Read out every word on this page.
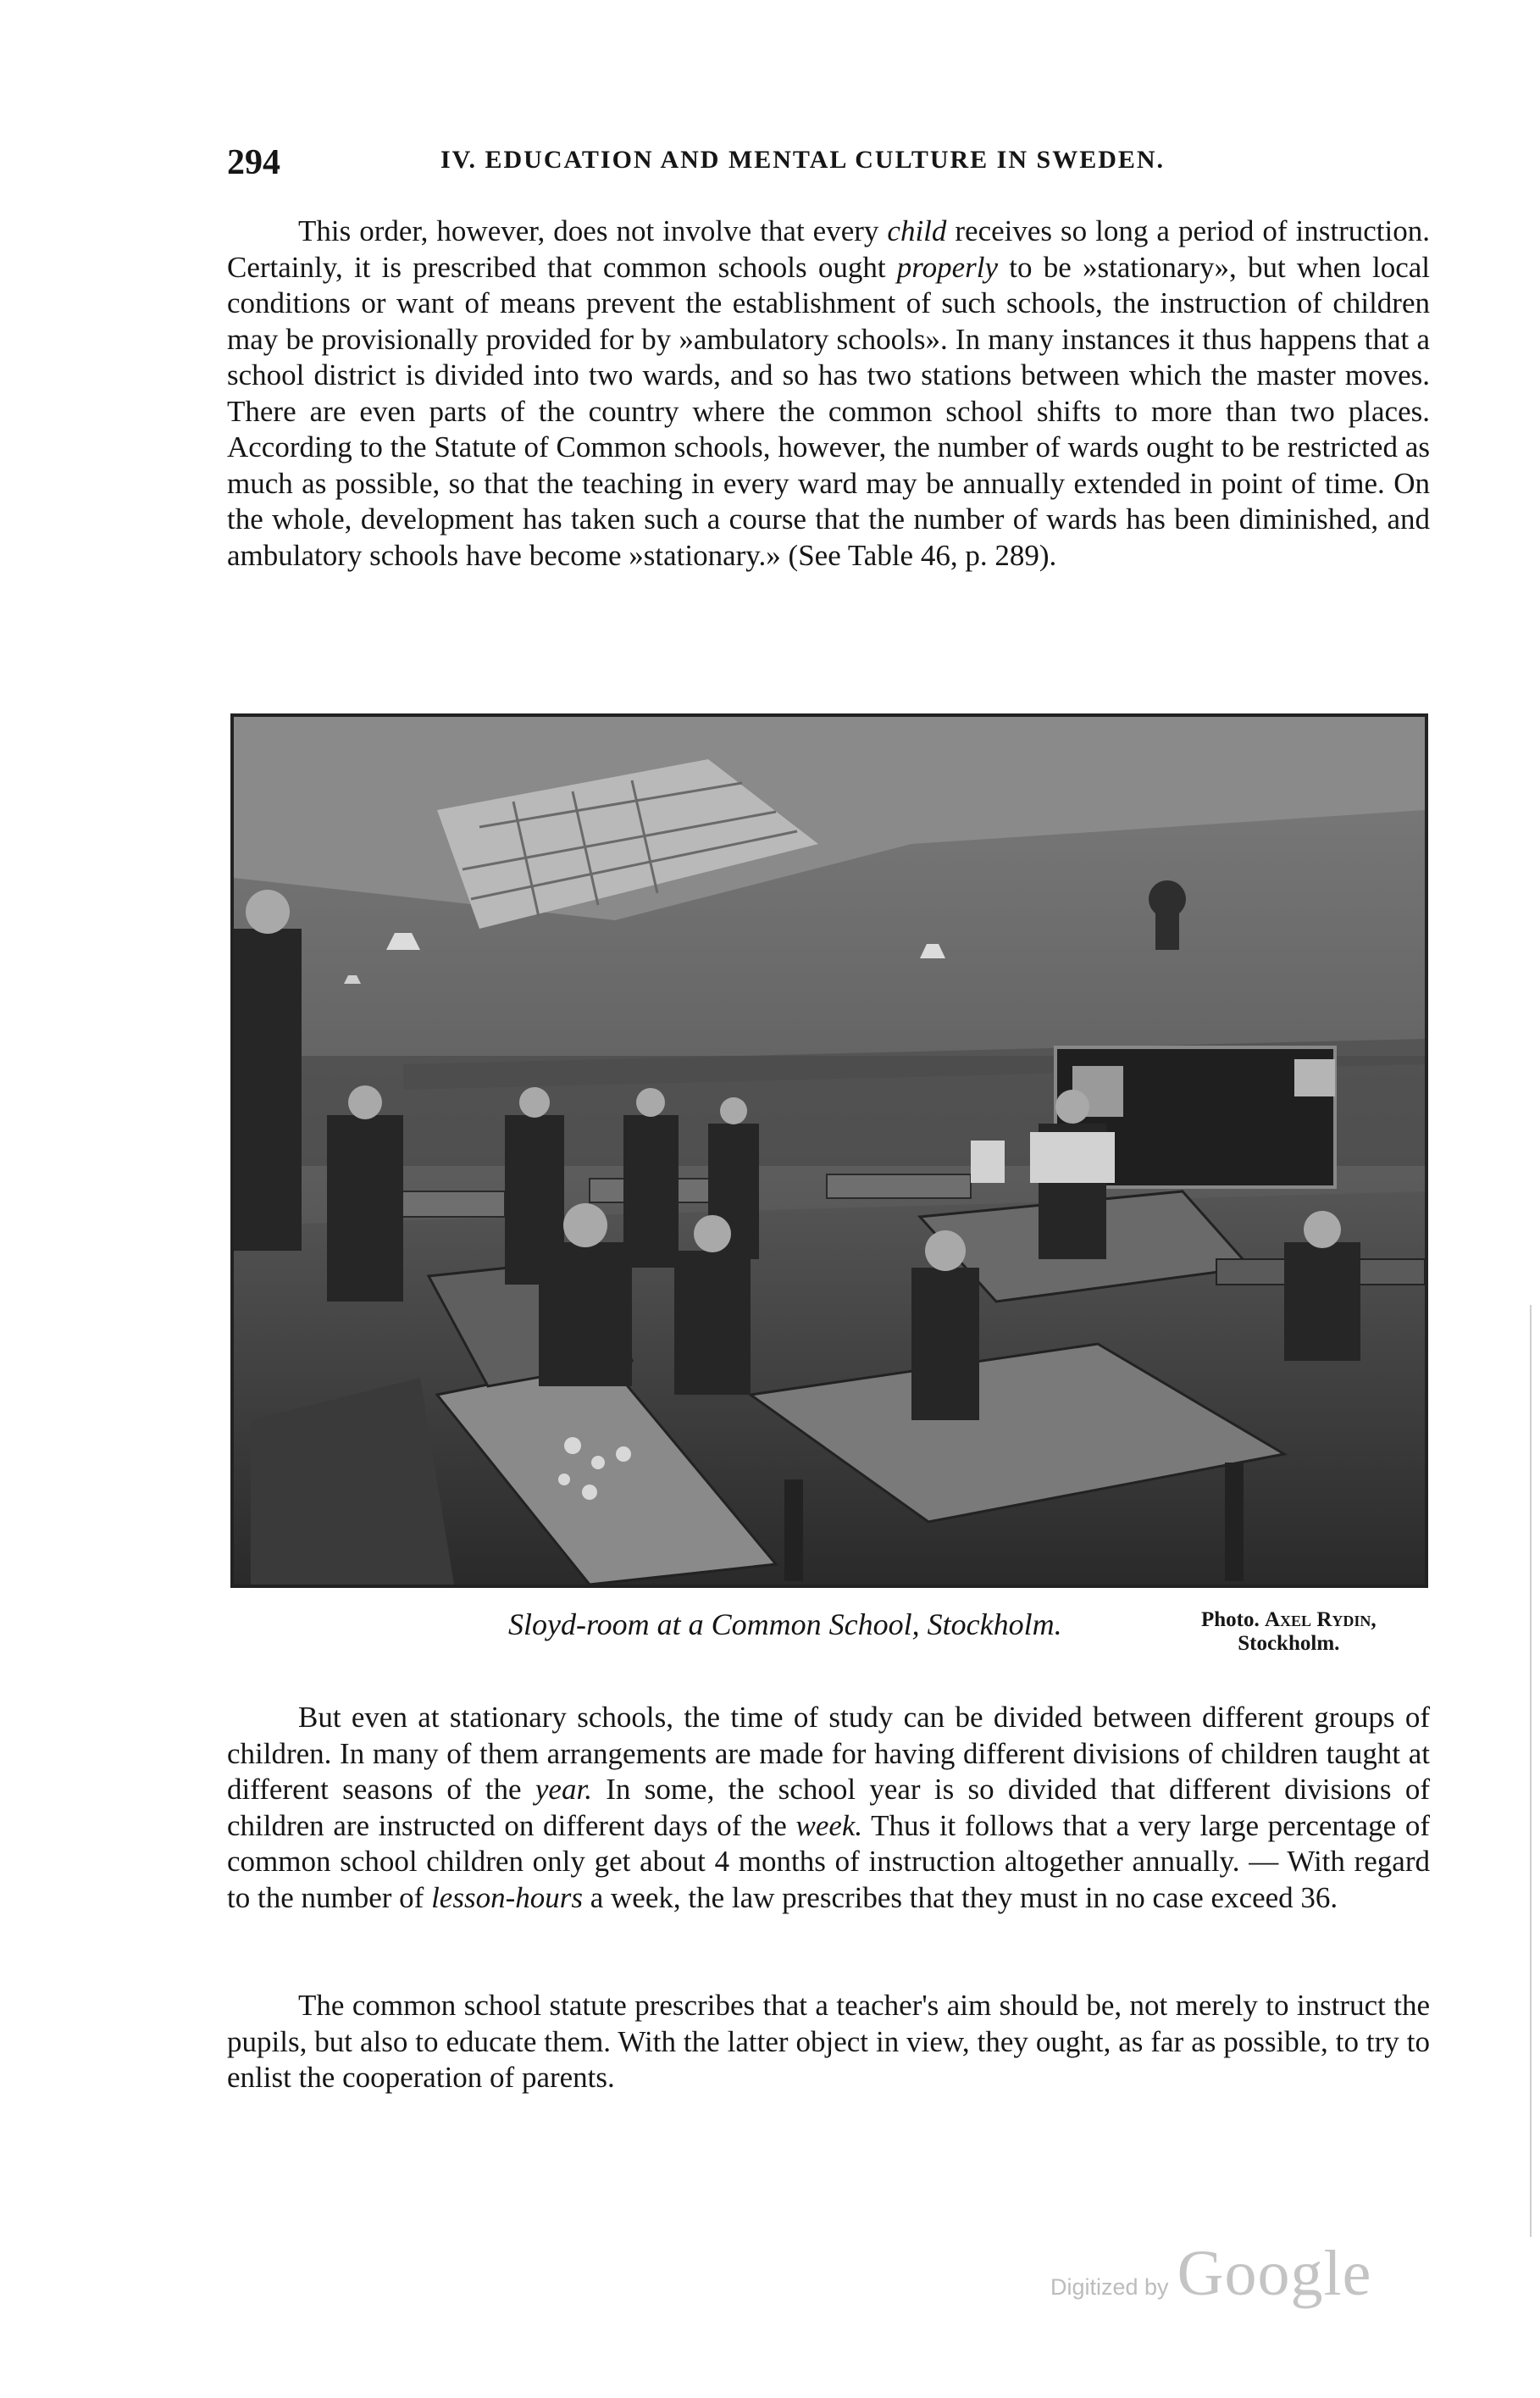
294	IV. EDUCATION AND MENTAL CULTURE IN SWEDEN.
This order, however, does not involve that every child receives so long a period of instruction. Certainly, it is prescribed that common schools ought properly to be »stationary», but when local conditions or want of means prevent the establishment of such schools, the instruction of children may be provisionally provided for by »ambulatory schools». In many instances it thus happens that a school district is divided into two wards, and so has two stations between which the master moves. There are even parts of the country where the common school shifts to more than two places. According to the Statute of Common schools, however, the number of wards ought to be restricted as much as possible, so that the teaching in every ward may be annually extended in point of time. On the whole, development has taken such a course that the number of wards has been diminished, and ambulatory schools have become »stationary.» (See Table 46, p. 289).
Sloyd-room at a Common School, Stockholm.	Photo. Axel Rydin,
Stockholm.
But even at stationary schools, the time of study can be divided between different groups of children. In many of them arrangements are made for having different divisions of children taught at different seasons of the year. In some, the school year is so divided that different divisions of children are instructed on different days of the week. Thus it follows that a very large percentage of common school children only get about 4 months of instruction altogether annually. — With regard to the number of lesson-hours a week, the law prescribes that they must in no case exceed 36.
The common school statute prescribes that a teacher's aim should be, not merely to instruct the pupils, but also to educate them. With the latter object in view, they ought, as far as possible, to try to enlist the cooperation of parents.
Digitized by Google
